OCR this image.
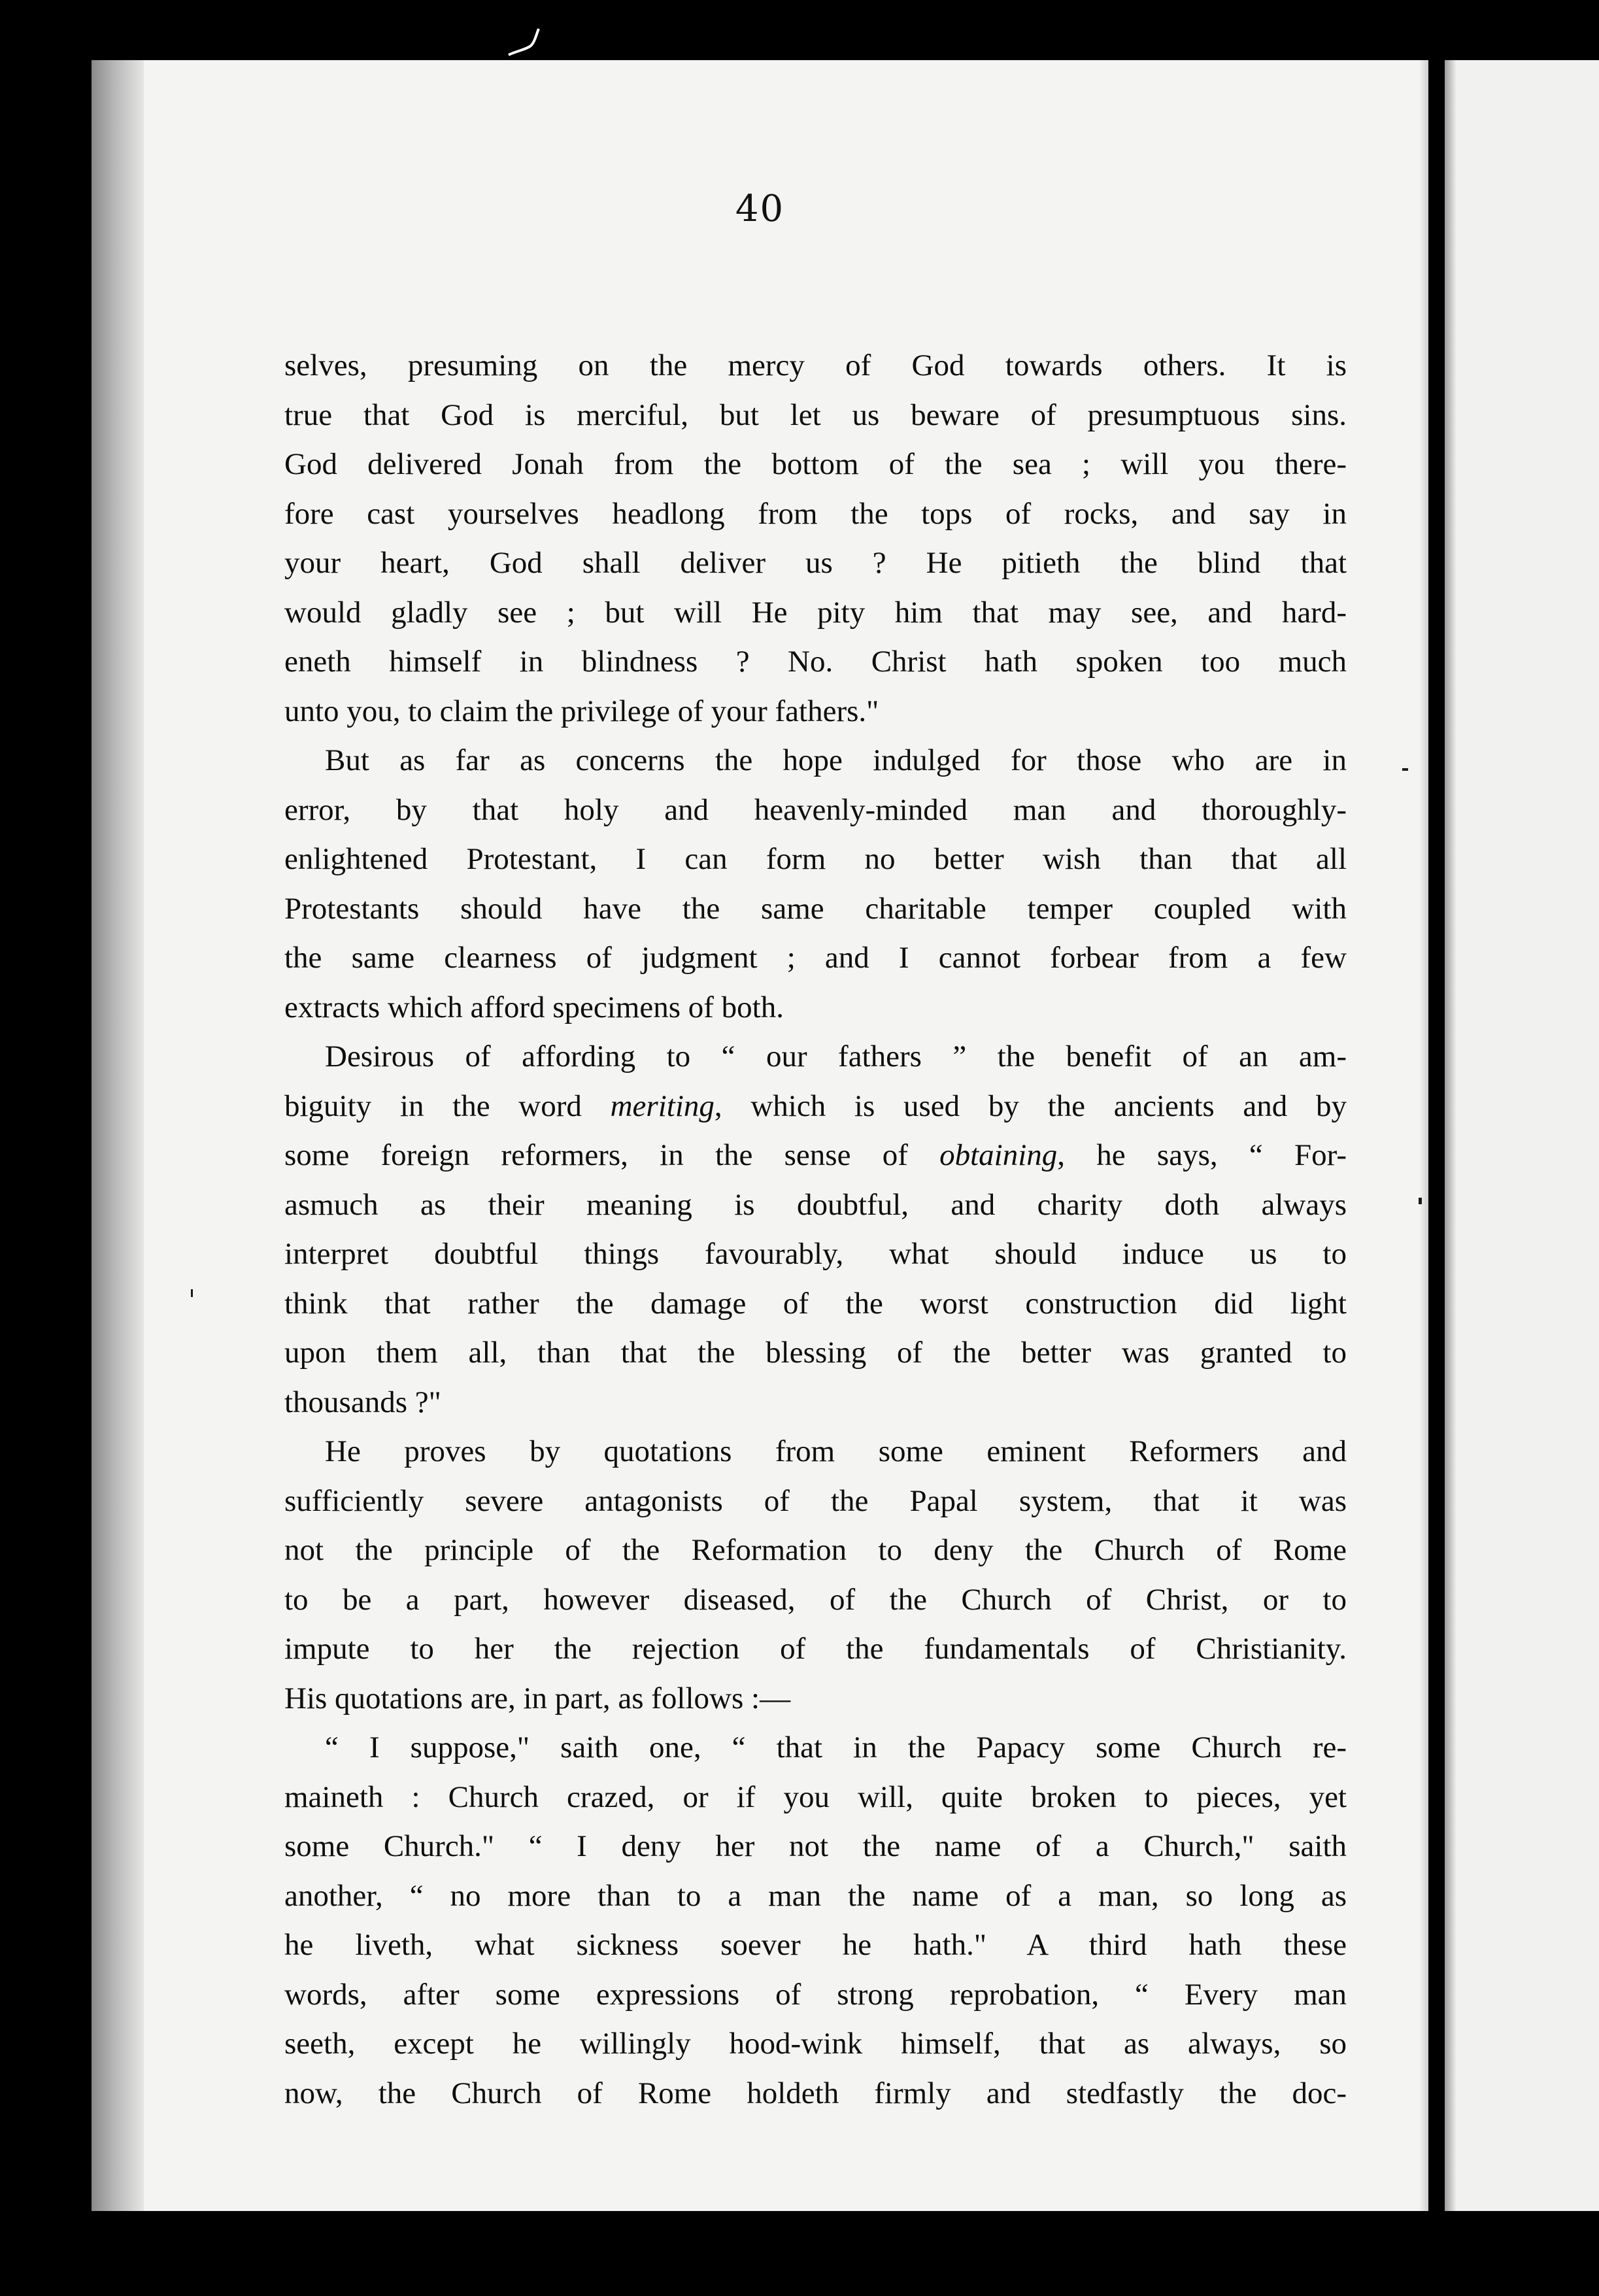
40
selves, presuming on the mercy of God towards others. It is
true that God is merciful, but let us beware of presumptuous sins.
God delivered Jonah from the bottom of the sea ; will you there-
fore cast yourselves headlong from the tops of rocks, and say in
your heart, God shall deliver us ? He pitieth the blind that
would gladly see ; but will He pity him that may see, and hard-
eneth himself in blindness ? No. Christ hath spoken too much
unto you, to claim the privilege of your fathers."
But as far as concerns the hope indulged for those who are in
error, by that holy and heavenly-minded man and thoroughly-
enlightened Protestant, I can form no better wish than that all
Protestants should have the same charitable temper coupled with
the same clearness of judgment ; and I cannot forbear from a few
extracts which afford specimens of both.
Desirous of affording to “ our fathers ” the benefit of an am-
biguity in the word meriting, which is used by the ancients and by
some foreign reformers, in the sense of obtaining, he says, “ For-
asmuch as their meaning is doubtful, and charity doth always
interpret doubtful things favourably, what should induce us to
think that rather the damage of the worst construction did light
upon them all, than that the blessing of the better was granted to
thousands ?"
He proves by quotations from some eminent Reformers and
sufficiently severe antagonists of the Papal system, that it was
not the principle of the Reformation to deny the Church of Rome
to be a part, however diseased, of the Church of Christ, or to
impute to her the rejection of the fundamentals of Christianity.
His quotations are, in part, as follows :—
“ I suppose," saith one, “ that in the Papacy some Church re-
maineth : Church crazed, or if you will, quite broken to pieces, yet
some Church." “ I deny her not the name of a Church," saith
another, “ no more than to a man the name of a man, so long as
he liveth, what sickness soever he hath." A third hath these
words, after some expressions of strong reprobation, “ Every man
seeth, except he willingly hood-wink himself, that as always, so
now, the Church of Rome holdeth firmly and stedfastly the doc-
